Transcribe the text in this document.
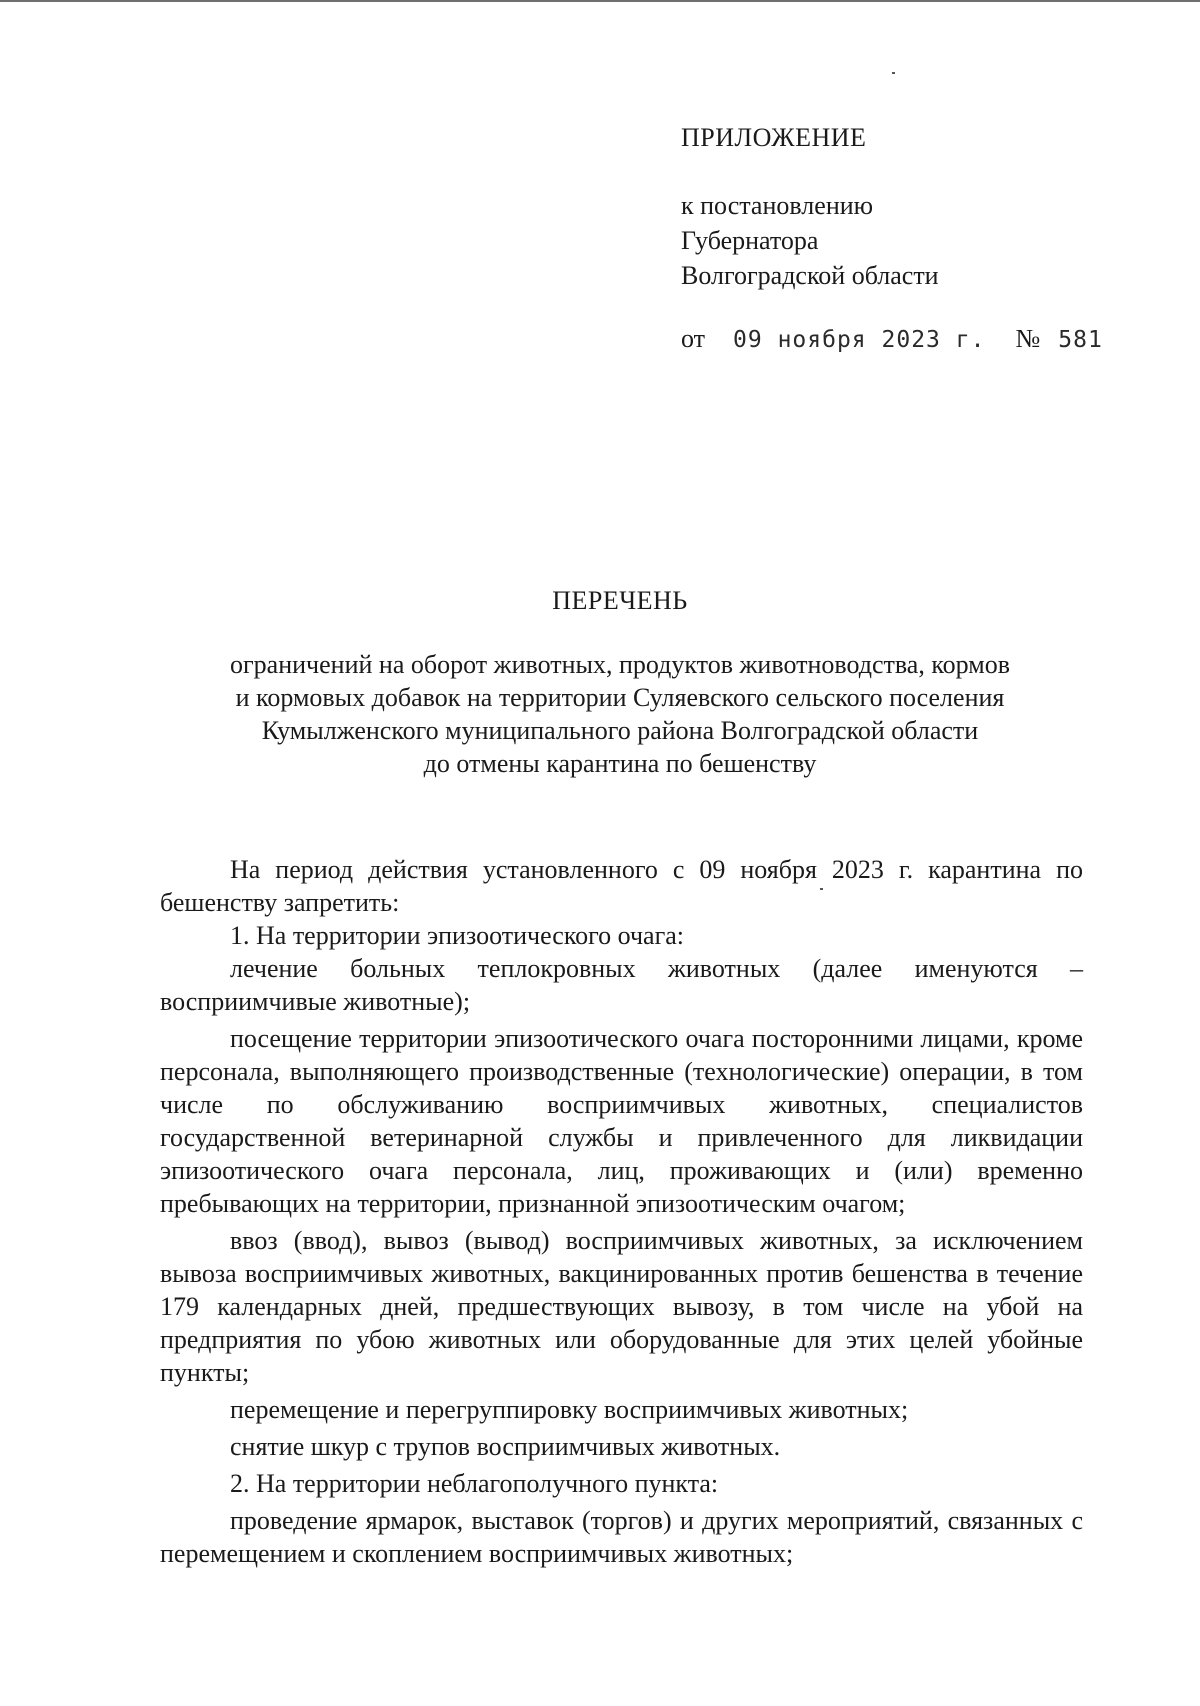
ПРИЛОЖЕНИЕ
к постановлению
Губернатора
Волгоградской области
от 09 ноября 2023 г. № 581
ПЕРЕЧЕНЬ
ограничений на оборот животных, продуктов животноводства, кормов
и кормовых добавок на территории Суляевского сельского поселения
Кумылженского муниципального района Волгоградской области
до отмены карантина по бешенству

На период действия установленного с 09 ноября 2023 г. карантина по бешенству запретить:

1. На территории эпизоотического очага:

лечение больных теплокровных животных (далее именуются – восприимчивые животные);

посещение территории эпизоотического очага посторонними лицами, кроме персонала, выполняющего производственные (технологические) операции, в том числе по обслуживанию восприимчивых животных, специалистов государственной ветеринарной службы и привлеченного для ликвидации эпизоотического очага персонала, лиц, проживающих и (или) временно пребывающих на территории, признанной эпизоотическим очагом;

ввоз (ввод), вывоз (вывод) восприимчивых животных, за исключением вывоза восприимчивых животных, вакцинированных против бешенства в течение 179 календарных дней, предшествующих вывозу, в том числе на убой на предприятия по убою животных или оборудованные для этих целей убойные пункты;

перемещение и перегруппировку восприимчивых животных;

снятие шкур с трупов восприимчивых животных.

2. На территории неблагополучного пункта:

проведение ярмарок, выставок (торгов) и других мероприятий, связанных с перемещением и скоплением восприимчивых животных;
